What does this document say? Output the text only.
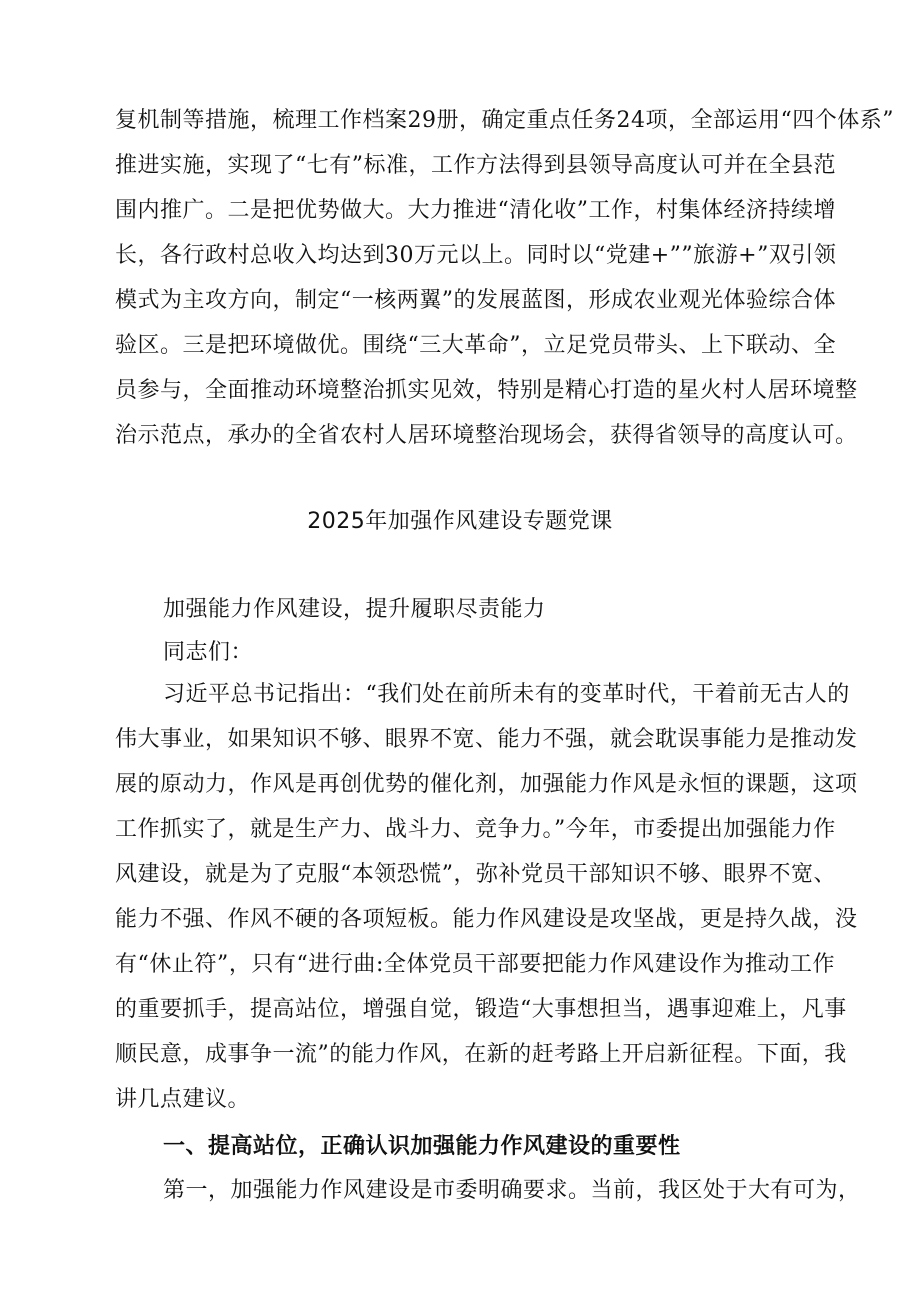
复机制等措施，梳理工作档案29册，确定重点任务24项，全部运用“四个体系”
推进实施，实现了“七有”标准，工作方法得到县领导高度认可并在全县范
围内推广。二是把优势做大。大力推进“清化收”工作，村集体经济持续增
长，各行政村总收入均达到30万元以上。同时以“党建+””旅游+”双引领
模式为主攻方向，制定“一核两翼”的发展蓝图，形成农业观光体验综合体
验区。三是把环境做优。围绕“三大革命”，立足党员带头、上下联动、全
员参与，全面推动环境整治抓实见效，特别是精心打造的星火村人居环境整
治示范点，承办的全省农村人居环境整治现场会，获得省领导的高度认可。
2025年加强作风建设专题党课
加强能力作风建设，提升履职尽责能力
同志们：
习近平总书记指出：“我们处在前所未有的变革时代，干着前无古人的
伟大事业，如果知识不够、眼界不宽、能力不强，就会耽误事能力是推动发
展的原动力，作风是再创优势的催化剂，加强能力作风是永恒的课题，这项
工作抓实了，就是生产力、战斗力、竞争力。”今年，市委提出加强能力作
风建设，就是为了克服“本领恐慌”，弥补党员干部知识不够、眼界不宽、
能力不强、作风不硬的各项短板。能力作风建设是攻坚战，更是持久战，没
有“休止符”，只有“进行曲:全体党员干部要把能力作风建设作为推动工作
的重要抓手，提高站位，增强自觉，锻造“大事想担当，遇事迎难上，凡事
顺民意，成事争一流”的能力作风，在新的赶考路上开启新征程。下面，我
讲几点建议。
一、提高站位，正确认识加强能力作风建设的重要性
第一，加强能力作风建设是市委明确要求。当前，我区处于大有可为，
